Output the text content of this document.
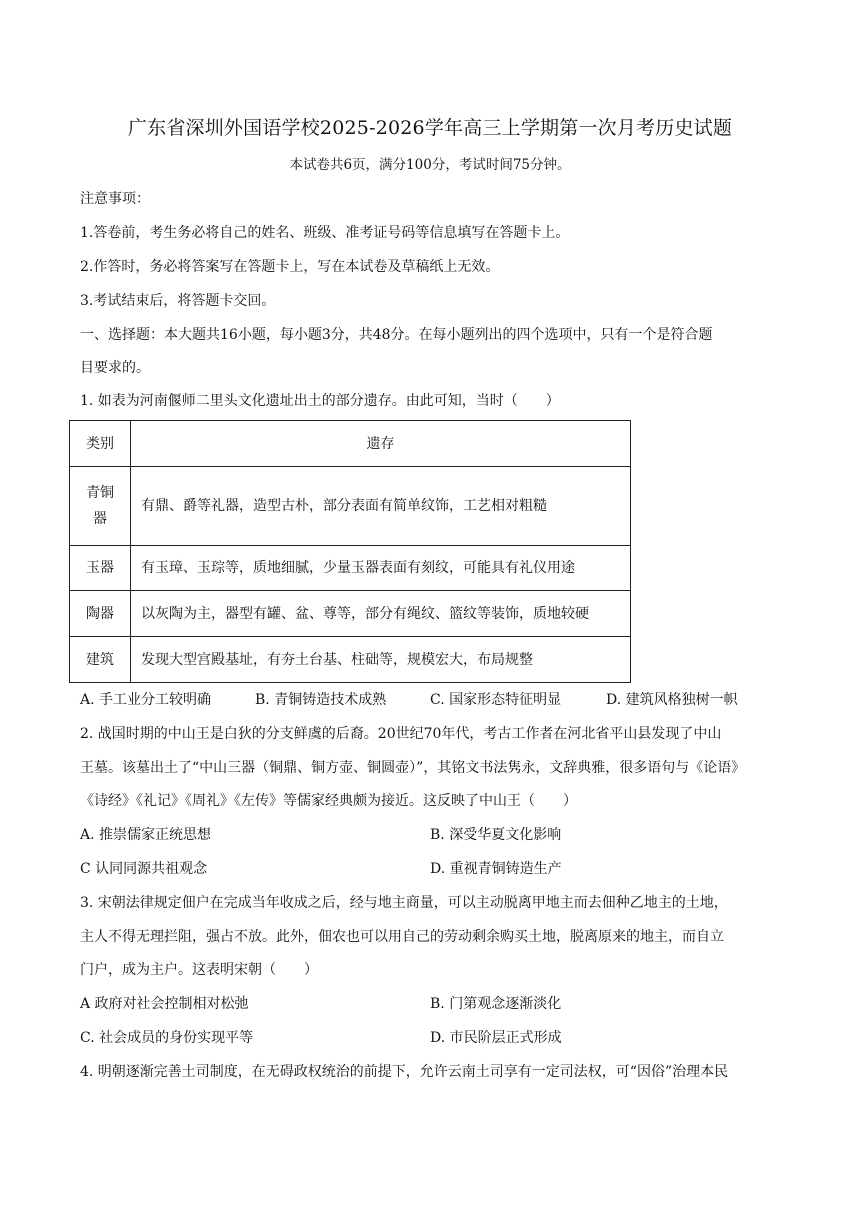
广东省深圳外国语学校2025-2026学年高三上学期第一次月考历史试题
本试卷共6页，满分100分，考试时间75分钟。
注意事项：
1.答卷前，考生务必将自己的姓名、班级、准考证号码等信息填写在答题卡上。
2.作答时，务必将答案写在答题卡上，写在本试卷及草稿纸上无效。
3.考试结束后，将答题卡交回。
一、选择题：本大题共16小题，每小题3分，共48分。在每小题列出的四个选项中，只有一个是符合题
目要求的。
1. 如表为河南偃师二里头文化遗址出土的部分遗存。由此可知，当时（　　）
类别	遗存

青铜
器	有鼎、爵等礼器，造型古朴，部分表面有简单纹饰，工艺相对粗糙
玉器	有玉璋、玉琮等，质地细腻，少量玉器表面有刻纹，可能具有礼仪用途
陶器	以灰陶为主，器型有罐、盆、尊等，部分有绳纹、篮纹等装饰，质地较硬
建筑	发现大型宫殿基址，有夯土台基、柱础等，规模宏大，布局规整
A. 手工业分工较明确	B. 青铜铸造技术成熟	C. 国家形态特征明显	D. 建筑风格独树一帜
2. 战国时期的中山王是白狄的分支鲜虞的后裔。20世纪70年代，考古工作者在河北省平山县发现了中山
王墓。该墓出土了“中山三器（铜鼎、铜方壶、铜圆壶）”，其铭文书法隽永，文辞典雅，很多语句与《论语》
《诗经》《礼记》《周礼》《左传》等儒家经典颇为接近。这反映了中山王（　　）
A. 推崇儒家正统思想	B. 深受华夏文化影响
C 认同同源共祖观念	D. 重视青铜铸造生产
3. 宋朝法律规定佃户在完成当年收成之后，经与地主商量，可以主动脱离甲地主而去佃种乙地主的土地，
主人不得无理拦阻，强占不放。此外，佃农也可以用自己的劳动剩余购买土地，脱离原来的地主，而自立
门户，成为主户。这表明宋朝（　　）
A 政府对社会控制相对松弛	B. 门第观念逐渐淡化
C. 社会成员的身份实现平等	D. 市民阶层正式形成
4. 明朝逐渐完善土司制度，在无碍政权统治的前提下，允许云南土司享有一定司法权，可“因俗”治理本民
